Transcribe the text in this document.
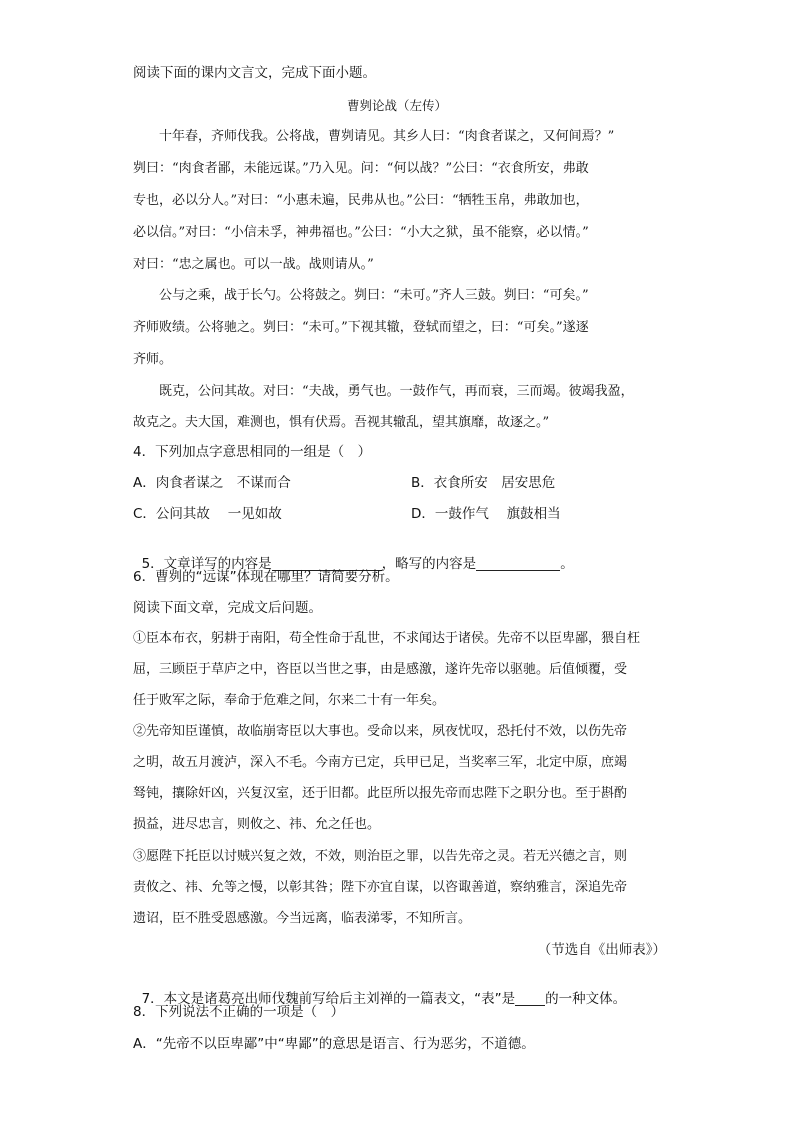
阅读下面的课内文言文，完成下面小题。
曹刿论战（左传）
十年春，齐师伐我。公将战，曹刿请见。其乡人曰：“肉食者谋之，又何间焉？”
刿曰：“肉食者鄙，未能远谋。”乃入见。问：“何以战？”公曰：“衣食所安，弗敢
专也，必以分人。”对曰：“小惠未遍，民弗从也。”公曰：“牺牲玉帛，弗敢加也，
必以信。”对曰：“小信未孚，神弗福也。”公曰：“小大之狱，虽不能察，必以情。”
对曰：“忠之属也。可以一战。战则请从。”
公与之乘，战于长勺。公将鼓之。刿曰：“未可。”齐人三鼓。刿曰：“可矣。”
齐师败绩。公将驰之。刿曰：“未可。”下视其辙，登轼而望之，曰：“可矣。”遂逐
齐师。
既克，公问其故。对曰：“夫战，勇气也。一鼓作气，再而衰，三而竭。彼竭我盈，
故克之。夫大国，难测也，惧有伏焉。吾视其辙乱，望其旗靡，故逐之。”
4．下列加点字意思相同的一组是（　）
A．肉食者谋之　不谋而合	B．衣食所安　居安思危
C．公问其故　 一见如故	D．一鼓作气　 旗鼓相当

5．文章详写的内容是	，略写的内容是	。

6．曹刿的“远谋”体现在哪里？请简要分析。
阅读下面文章，完成文后问题。
①臣本布衣，躬耕于南阳，苟全性命于乱世，不求闻达于诸侯。先帝不以臣卑鄙，猥自枉
屈，三顾臣于草庐之中，咨臣以当世之事，由是感激，遂许先帝以驱驰。后值倾覆，受
任于败军之际，奉命于危难之间，尔来二十有一年矣。
②先帝知臣谨慎，故临崩寄臣以大事也。受命以来，夙夜忧叹，恐托付不效，以伤先帝
之明，故五月渡泸，深入不毛。今南方已定，兵甲已足，当奖率三军，北定中原，庶竭
驽钝，攘除奸凶，兴复汉室，还于旧都。此臣所以报先帝而忠陛下之职分也。至于斟酌
损益，进尽忠言，则攸之、祎、允之任也。
③愿陛下托臣以讨贼兴复之效，不效，则治臣之罪，以告先帝之灵。若无兴德之言，则
责攸之、祎、允等之慢，以彰其咎；陛下亦宜自谋，以咨诹善道，察纳雅言，深追先帝
遗诏，臣不胜受恩感激。今当远离，临表涕零，不知所言。
（节选自《出师表》）

7．本文是诸葛亮出师伐魏前写给后主刘禅的一篇表文，“表”是 的一种文体。

8．下列说法不正确的一项是（　）
A．“先帝不以臣卑鄙”中“卑鄙”的意思是语言、行为恶劣，不道德。
